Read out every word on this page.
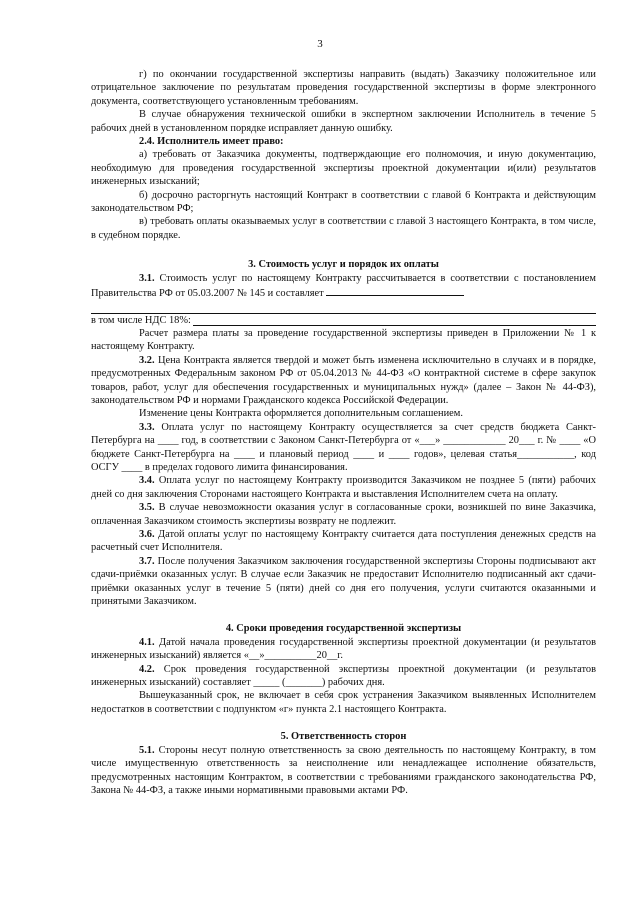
3

г) по окончании государственной экспертизы направить (выдать) Заказчику положительное или отрицательное заключение по результатам проведения государственной экспертизы в форме электронного документа, соответствующего установленным требованиям.

В случае обнаружения технической ошибки в экспертном заключении Исполнитель в течение 5 рабочих дней в установленном порядке исправляет данную ошибку.

2.4. Исполнитель имеет право:

а) требовать от Заказчика документы, подтверждающие его полномочия, и иную документацию, необходимую для проведения государственной экспертизы проектной документации и(или) результатов инженерных изысканий;

б) досрочно расторгнуть настоящий Контракт в соответствии с главой 6 Контракта и действующим законодательством РФ;

в) требовать оплаты оказываемых услуг в соответствии с главой 3 настоящего Контракта, в том числе, в судебном порядке.

3. Стоимость услуг и порядок их оплаты

3.1. Стоимость услуг по настоящему Контракту рассчитывается в соответствии с постановлением Правительства РФ от 05.03.2007 № 145 и составляет

в том числе НДС 18%:

Расчет размера платы за проведение государственной экспертизы приведен в Приложении № 1 к настоящему Контракту.

3.2. Цена Контракта является твердой и может быть изменена исключительно в случаях и в порядке, предусмотренных Федеральным законом РФ от 05.04.2013 № 44-ФЗ «О контрактной системе в сфере закупок товаров, работ, услуг для обеспечения государственных и муниципальных нужд» (далее – Закон № 44-ФЗ), законодательством РФ и нормами Гражданского кодекса Российской Федерации.

Изменение цены Контракта оформляется дополнительным соглашением.

3.3. Оплата услуг по настоящему Контракту осуществляется за счет средств бюджета Санкт-Петербурга на ____ год, в соответствии с Законом Санкт-Петербурга от «___» ____________ 20___ г. № ____ «О бюджете Санкт-Петербурга на ____ и плановый период ____ и ____ годов», целевая статья___________, код ОСГУ ____ в пределах годового лимита финансирования.

3.4. Оплата услуг по настоящему Контракту производится Заказчиком не позднее 5 (пяти) рабочих дней со дня заключения Сторонами настоящего Контракта и выставления Исполнителем счета на оплату.

3.5. В случае невозможности оказания услуг в согласованные сроки, возникшей по вине Заказчика, оплаченная Заказчиком стоимость экспертизы возврату не подлежит.

3.6. Датой оплаты услуг по настоящему Контракту считается дата поступления денежных средств на расчетный счет Исполнителя.

3.7. После получения Заказчиком заключения государственной экспертизы Стороны подписывают акт сдачи-приёмки оказанных услуг. В случае если Заказчик не предоставит Исполнителю подписанный акт сдачи-приёмки оказанных услуг в течение 5 (пяти) дней со дня его получения, услуги считаются оказанными и принятыми Заказчиком.

4. Сроки проведения государственной экспертизы

4.1. Датой начала проведения государственной экспертизы проектной документации (и результатов инженерных изысканий) является «__»__________20__г.

4.2. Срок проведения государственной экспертизы проектной документации (и результатов инженерных изысканий) составляет _____ (_______) рабочих дня.

Вышеуказанный срок, не включает в себя срок устранения Заказчиком выявленных Исполнителем недостатков в соответствии с подпунктом «г» пункта 2.1 настоящего Контракта.

5. Ответственность сторон

5.1. Стороны несут полную ответственность за свою деятельность по настоящему Контракту, в том числе имущественную ответственность за неисполнение или ненадлежащее исполнение обязательств, предусмотренных настоящим Контрактом, в соответствии с требованиями гражданского законодательства РФ, Закона № 44-ФЗ, а также иными нормативными правовыми актами РФ.
